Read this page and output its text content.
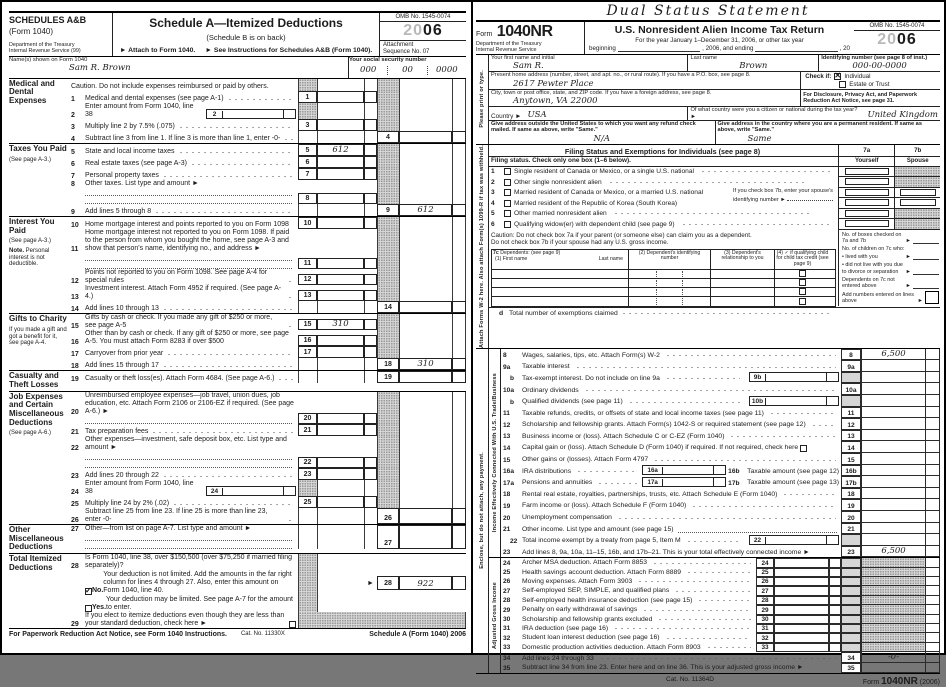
SCHEDULES A&B
(Form 1040)
Department of the Treasury
Internal Revenue Service (99)
Schedule A—Itemized Deductions
(Schedule B is on back)
► Attach to Form 1040. ► See Instructions for Schedules A&B (Form 1040).
OMB No. 1545-0074
2006
Attachment
Sequence No. 07
Name(s) shown on Form 1040
Sam R. Brown
Your social security number
000	00	0000
Medical and Dental Expenses
Caution. Do not include expenses reimbursed or paid by others.
1	Medical and dental expenses (see page A-1)	1
2
Enter amount from Form 1040, line 38	2
3	Multiply line 2 by 7.5% (.075)	3
4	Subtract line 3 from line 1. If line 3 is more than line 1, enter -0-	4
Taxes You Paid
(See page A-3.)
5	State and local income taxes	5	612
6	Real estate taxes (see page A-3)	6
7	Personal property taxes	7
8	Other taxes. List type and amount ►
8
9	Add lines 5 through 8	9	612
Interest You Paid
(See page A-3.)
Note. Personal interest is not deductible.
10 Home mortgage interest and points reported to you on Form 1098	10
11
Home mortgage interest not reported to you on Form 1098. If paid to the person from whom you bought the home, see page A-3 and show that person's name, identifying no., and address ►
11
12
Points not reported to you on Form 1098. See page A-4 for special rules	12
13
Investment interest. Attach Form 4952 if required. (See page A-4.)	13
14 Add lines 10 through 13	14
Gifts to Charity
If you made a gift and got a benefit for it, see page A-4.
15
Gifts by cash or check. If you made any gift of $250 or more, see page A-5	15	310
16
Other than by cash or check. If any gift of $250 or more, see page A-5. You must attach Form 8283 if over $500	16
17 Carryover from prior year	17
18 Add lines 15 through 17	18	310
Casualty and Theft Losses
19 Casualty or theft loss(es). Attach Form 4684. (See page A-6.)	19
Job Expenses and Certain Miscellaneous Deductions
(See page A-6.)
20
Unreimbursed employee expenses—job travel, union dues, job education, etc. Attach Form 2106 or 2106-EZ if required. (See page A-6.) ►
20
21 Tax preparation fees	21
22
Other expenses—investment, safe deposit box, etc. List type and amount ►
22
23 Add lines 20 through 22	23
24
Enter amount from Form 1040, line 38	24
25 Multiply line 24 by 2% (.02)	25
26
Subtract line 25 from line 23. If line 25 is more than line 23, enter -0-	26
Other Miscellaneous Deductions
27 Other—from list on page A-7. List type and amount ►
27
Total Itemized Deductions	28
Is Form 1040, line 38, over $150,500 (over $75,250 if married filing separately)?
✓ No.
Your deduction is not limited. Add the amounts in the far right column for lines 4 through 27. Also, enter this amount on Form 1040, line 40.
Yes.
Your deduction may be limited. See page A-7 for the amount to enter.
► 28	922
29
If you elect to itemize deductions even though they are less than your standard deduction, check here ►
For Paperwork Reduction Act Notice, see Form 1040 Instructions. Cat. No. 11330X	Schedule A (Form 1040) 2006
Dual Status Statement
Form 1040NR
Department of the Treasury
Internal Revenue Service
U.S. Nonresident Alien Income Tax Return
For the year January 1–December 31, 2006, or other tax year
beginning	, 2006, and ending	, 20
OMB No. 1545-0074
2006
Please print or type.
Your first name and initial
Sam R.
Last name
Brown
Identifying number (see page 8 of inst.)
000-00-0000
Present home address (number, street, and apt. no., or rural route). If you have a P.O. box, see page 8.
2617 Pewter Place
Check if: ✕ Individual
Estate or Trust
City, town or post office, state, and ZIP code. If you have a foreign address, see page 8.
Anytown, VA 22000
For Disclosure, Privacy Act, and Paperwork Reduction Act Notice, see page 31.
Country ► USA	Of what country were you a citizen or national during the tax year? ►	United Kingdom
Give address outside the United States to which you want any refund check mailed. If same as above, write "Same."
N/A
Give address in the country where you are a permanent resident. If same as above, write "Same."
Same
Attach Forms W-2 here. Also attach Form(s) 1099-R if tax was withheld.	Filing Status and Exemptions for Individuals (see page 8)
Filing status. Check only one box (1–6 below).
1	Single resident of Canada or Mexico, or a single U.S. national
2	Other single nonresident alien
3	Married resident of Canada or Mexico, or a married U.S. national
4	Married resident of the Republic of Korea (South Korea)
5	Other married nonresident alien
6	Qualifying widow(er) with dependent child (see page 9)
If you check box 7b, enter your spouse's
identifying number ►
Caution: Do not check box 7a if your parent (or someone else) can claim you as a dependent.
Do not check box 7b if your spouse had any U.S. gross income.
7c Dependents: (see page 9)
(1) First name	Last name
(2) Dependent's identifying number
(3) Dependent's relationship to you
(4) ✓ if qualifying child for child tax credit (see page 9)
d Total number of exemptions claimed
7a	7b
Yourself	Spouse
No. of boxes checked on 7a and 7b	►
No. of children on 7c who:
• lived with you	►
• did not live with you due to divorce or separation	►
Dependents on 7c not entered above	►
Add numbers entered on lines above	►
Enclose, but do not attach, any payment. Income Effectively Connected With U.S. Trade/Business
8	Wages, salaries, tips, etc. Attach Form(s) W-2	8	6,500
9a	Taxable interest	9a
b	Tax-exempt interest. Do not include on line 9a	9b
10a	Ordinary dividends	10a
b	Qualified dividends (see page 11)	10b
11	Taxable refunds, credits, or offsets of state and local income taxes (see page 11)	11
12	Scholarship and fellowship grants. Attach Form(s) 1042-S or required statement (see page 12)	12
13	Business income or (loss). Attach Schedule C or C-EZ (Form 1040)	13
14	Capital gain or (loss). Attach Schedule D (Form 1040) if required. If not required, check here	14
15	Other gains or (losses). Attach Form 4797	15
16a	IRA distributions	16a	16b	Taxable amount (see page 12) 16b
17a	Pensions and annuities	17a	17b	Taxable amount (see page 13) 17b
18	Rental real estate, royalties, partnerships, trusts, etc. Attach Schedule E (Form 1040)	18
19	Farm income or (loss). Attach Schedule F (Form 1040)	19
20	Unemployment compensation	20
21	Other income. List type and amount (see page 15)	21
22 Total income exempt by a treaty from page 5, Item M	22
23	Add lines 8, 9a, 10a, 11–15, 16b, and 17b–21. This is your total effectively connected income ►	23	6,500
Adjusted Gross Income
24	Archer MSA deduction. Attach Form 8853	24
25	Health savings account deduction. Attach Form 8889	25
26	Moving expenses. Attach Form 3903	26
27	Self-employed SEP, SIMPLE, and qualified plans	27
28	Self-employed health insurance deduction (see page 15)	28
29	Penalty on early withdrawal of savings	29
30	Scholarship and fellowship grants excluded	30
31	IRA deduction (see page 16)	31
32	Student loan interest deduction (see page 16)	32
33	Domestic production activities deduction. Attach Form 8903	33
34	Add lines 24 through 33	34	-0-
35	Subtract line 34 from line 23. Enter here and on line 36. This is your adjusted gross income ►	35
Cat. No. 11364D	Form 1040NR (2006)
